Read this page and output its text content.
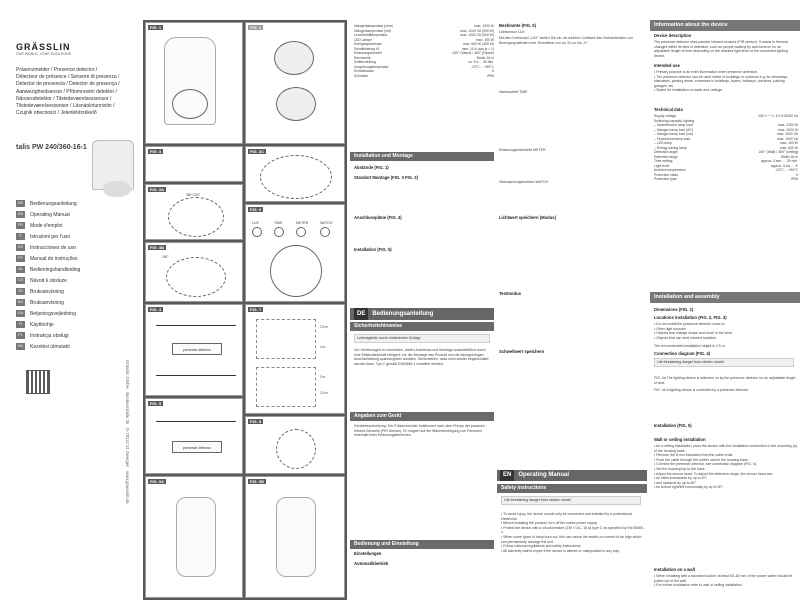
GRÄSSLIN
OUR WORLD, YOUR SOLUTIONS
Präsenzmelder / Presence detector /
Détecteur de présence / Sensore di presenza /
Detector de presencia / Detector de presença /
Aanwezigheidsensor / Přítomnostní detektor /
Närvarodetektor / Tilstedeværelsessensor /
Tilstedeværelsessensor / Läsnäolotunnistin /
Czujnik obecności / Jelenlétérzékelő
talis PW 240/360-16-1
DE	Bedienungsanleitung
EN	Operating Manual
FR	Mode d'emploi
IT	Istruzioni per l'uso
ES	Instrucciones de uso
PT	Manual de instruções
NL	Bedieningshandleiding
CS	Návod k obsluze
SV	Bruksanvisning
NO	Bruksanvisning
DA	Betjeningsvejledning
FI	Käyttöohje
PL	Instrukcja obsługi
HU	Kezelési útmutató
Grässlin GmbH · Bundesstraße 36 · D-78112 St. Georgen · www.graesslin.de
FIG. 1	FIG. 2
FIG. 3
FIG. 3A
360°/140°
FIG. 3B
180°
FIG. 3C
FIG. 6
LUX	TIME	METER	WATCH
FIG. 4
presence detector
FIG. 5
presence detector
FIG. 7
2,5 m
4 m
3 m
2,5 m
FIG. 8
FIG. 9A	FIG. 9B
Halogenlampenlast (ohm)	max. 1000 W
Halogenlampenlast (ind)	max. 1000 VA (900 W)
Leuchtstofflampenlast	max. 1000 VA (900 W)
LED Lampe	max. 400 W
Energiesparlampe	max. 600 W (400 W)
Schaltleistung Kl.	max. 10 A (cos φ = 1)
Erfassungsbereich	240° (Wand) / 360° (Decke)
Reichweite	Breite 16 m
Zeiteinstellung	ca. 5 s ... 30 Min.
Umgebungstemperatur	-20°C ... +50°C
Schutzklasse	II
Schutzart	IP55
Installation und Montage
Abstände (FIG. 1)
Standort Montage (FIG. 3 FIG. 3)
Anschlusspläne (FIG. 4)
Installation (FIG. 5)
DE Bedienungsanleitung
Sicherheitshinweise
Lebensgefahr durch elektrischen Schlag!
Um Verletzungen zu vermeiden, dürfen Anschluss und Montage ausschließlich durch eine Elektrofachkraft erfolgen! Vor der Montage das Produkt und die dazugehörigen Anschlußleitung spannungsfrei schalten. Sicherstellen, dass nicht wieder eingeschaltet werden kann. Typ C gemäß EN60669-1 installiert werden.
Angaben zum Gerät
Gerätebeschreibung: Der Präsenzmelder funktioniert nach dem Prinzip der passiven Infrarot-Sensorik (PIR-Sensor). Er reagiert auf die Wärmebewegung von Personen innerhalb ihres Erfassungsbereiches.
Bedienung und Einstellung
Einstellungen
Automatikbetrieb
Bestimmte (FIG. 5)
Lichtsensor LUX
Mit dem Drehknopf „LUX“ stellen Sie ein, ab welcher Lichtwert das Vorhandensein von Bewegung aktiviert wird. Einstellbar von ca. 5 Lux bis „☀“.
Nachlaufzeit TIME
Erfassungsreichweite METER
Überwachungsfunktion WATCH
Lichtwert speichern (Modus)
Testmodus
Schwellwert speichern
EN Operating Manual
Safety instructions
Life threatening danger from electric shock!
• To avoid injury, the device should only be connected and installed by a professional electrician.
• Before installing the product, turn off the mains power supply.
• Protect the device with a circuit breaker (230 V AC, 16 A) type C as specified by EN 60669-1.
• When some types of lamp burn out, this can cause the switch-on current to be high which can permanently damage the unit.
• Follow national regulations and safety instructions.
• All warranty claims expire if the device is altered or manipulated in any way.
Information about the device
Device description
The presence detector uses passive infrared sensors (PIR sensor). It reacts to thermal changes within its field of detection, such as people walking by and turns on for an adjustable length of time depending on the ambient light level of the connected lighting device.
Intended use
• Primary purpose is an even illumination when presence detection.
• The presence detector can be used inside of buildings or outdoors e.g. for driveways, staircases, parking areas, entrances to buildings, foyers, hallways, corridors, parking garages, etc.
• Suited for installation on walls and ceilings.
Technical data
Supply voltage	230 V ~ +/- 10 % 50/60 Hz
Switching capacity, lighting
– Incandescent lamp load	max. 2300 W
– Halogen lamp load (AC)	max. 1000 W
– Halogen lamp load (ind)	max. 1000 VA
– Fluorescent lamp load	max. 1000 VA
– LED lamp	max. 400 W
– Energy saving lamp	max. 600 W
Detection angle	240° (Wall) / 360° (ceiling)
Detection range	Width 16 m
Time setting	approx. 5 sec. ... 30 min.
Light level	approx. 5 lux ... ☀
Ambient temperature	-20°C ... +50°C
Protection class	II
Protection type	IP55
Installation and assembly
Dimensions (FIG. 1)
Locations installation (FIG. 2, FIG. 3)
• Do not install the presence detector close to:
• Other light sources
• Objects that change shape and move in the wind
• Objects that can emit infrared radiation
The recommended installation height is 2.5 m
Connection diagram (FIG. 4)
Life threatening danger from electric shock!
FIG. 4a The lighting device is switched on by the presence detector for an adjustable length of time.
FIG. 4b A lighting device is controlled by a presence detector.
Installation (FIG. 5)
Wall or ceiling installation
• As a ceiling installation, push the sensor with the installation connection in the mounting (a) of the housing base.
• Remove the 8 mm insulation from the cable ends.
• Push the cable through the rubber seal in the housing base.
• Connect the presence detector, see connection diagram (FIG. 4).
• Set the housing top to the base.
• Adjust the sensor head: To adjust the detection range, the sensor head can:
• be tilted downwards by up to 40°
• and upwards by up to 80°
• be turned right/left horizontally by up to 90°.
Installation on a wall
• When installing with a standard socket: at least 50–60 mm of the power cable should be pulled out of the wall.
• For further installation refer to wall or ceiling installation.
